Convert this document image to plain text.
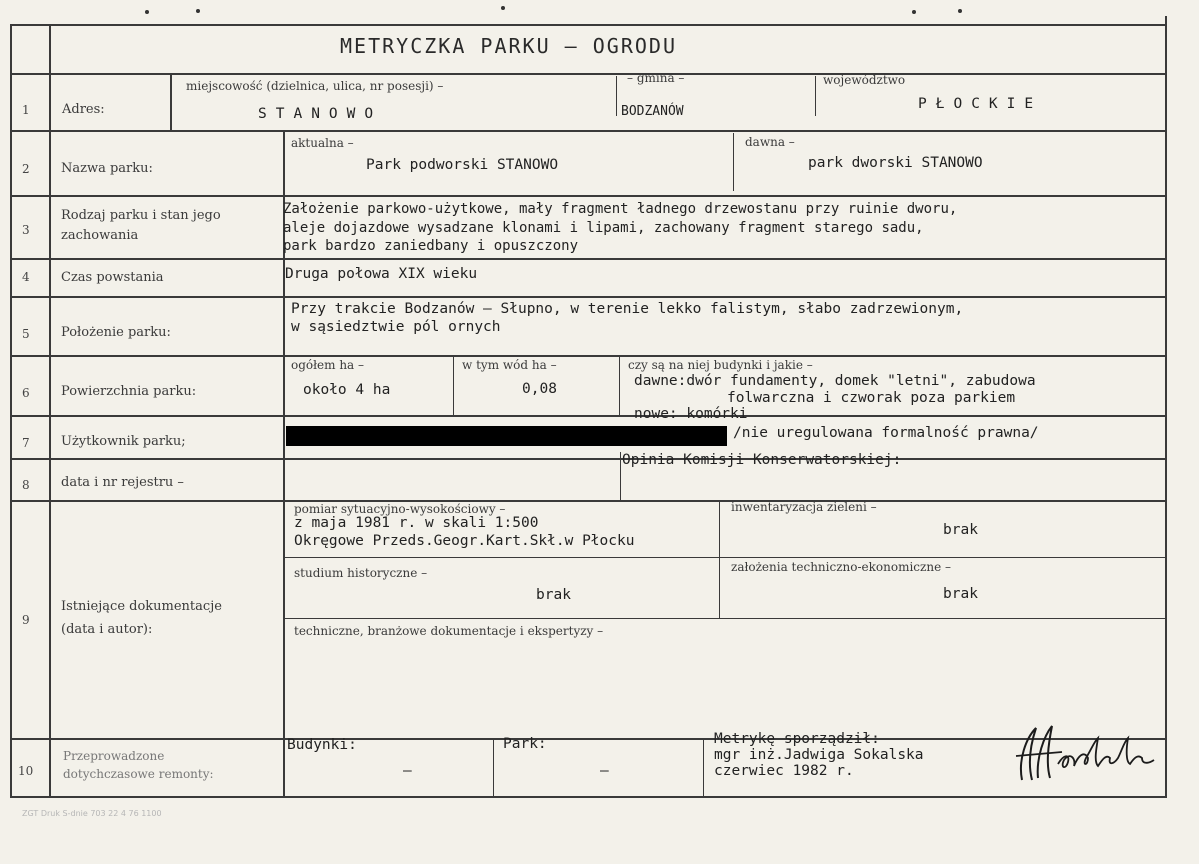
METRYCZKA PARKU – OGRODU
1 Adres:
miejscowość (dzielnica, ulica, nr posesji) –
STANOWO
– gmina –
BODZANÓW
województwo
PŁOCKIE
2 Nazwa parku:
aktualna –
Park podworski STANOWO
dawna –
park dworski STANOWO
3
Rodzaj parku i stan jego
zachowania
Założenie parkowo-użytkowe, mały fragment ładnego drzewostanu przy ruinie dworu,
aleje dojazdowe wysadzane klonami i lipami, zachowany fragment starego sadu,
park bardzo zaniedbany i opuszczony
4 Czas powstania	Druga połowa XIX wieku
5 Położenie parku:
Przy trakcie Bodzanów – Słupno, w terenie lekko falistym, słabo zadrzewionym,
w sąsiedztwie pól ornych
6 Powierzchnia parku:
ogółem ha –
około 4 ha
w tym wód ha –
0,08
czy są na niej budynki i jakie –
dawne:dwór fundamenty, domek "letni", zabudowa
folwarczna i czworak poza parkiem
nowe: komórki
7 Użytkownik parku;
/nie uregulowana formalność prawna/
8 data i nr rejestru –
Opinia Komisji Konserwatorskiej:
9
Istniejące dokumentacje
(data i autor):
pomiar sytuacyjno-wysokościowy –
z maja 1981 r. w skali 1:500
Okręgowe Przeds.Geogr.Kart.Skł.w Płocku
inwentaryzacja zieleni –
brak
studium historyczne –
brak
założenia techniczno-ekonomiczne –
brak
techniczne, branżowe dokumentacje i ekspertyzy –
10
Przeprowadzone
dotychczasowe remonty:
Budynki:
–
Park:
–
Metrykę sporządził:
mgr inż.Jadwiga Sokalska
czerwiec 1982 r.
ZGT Druk S-dnie 703 22 4 76 1100
